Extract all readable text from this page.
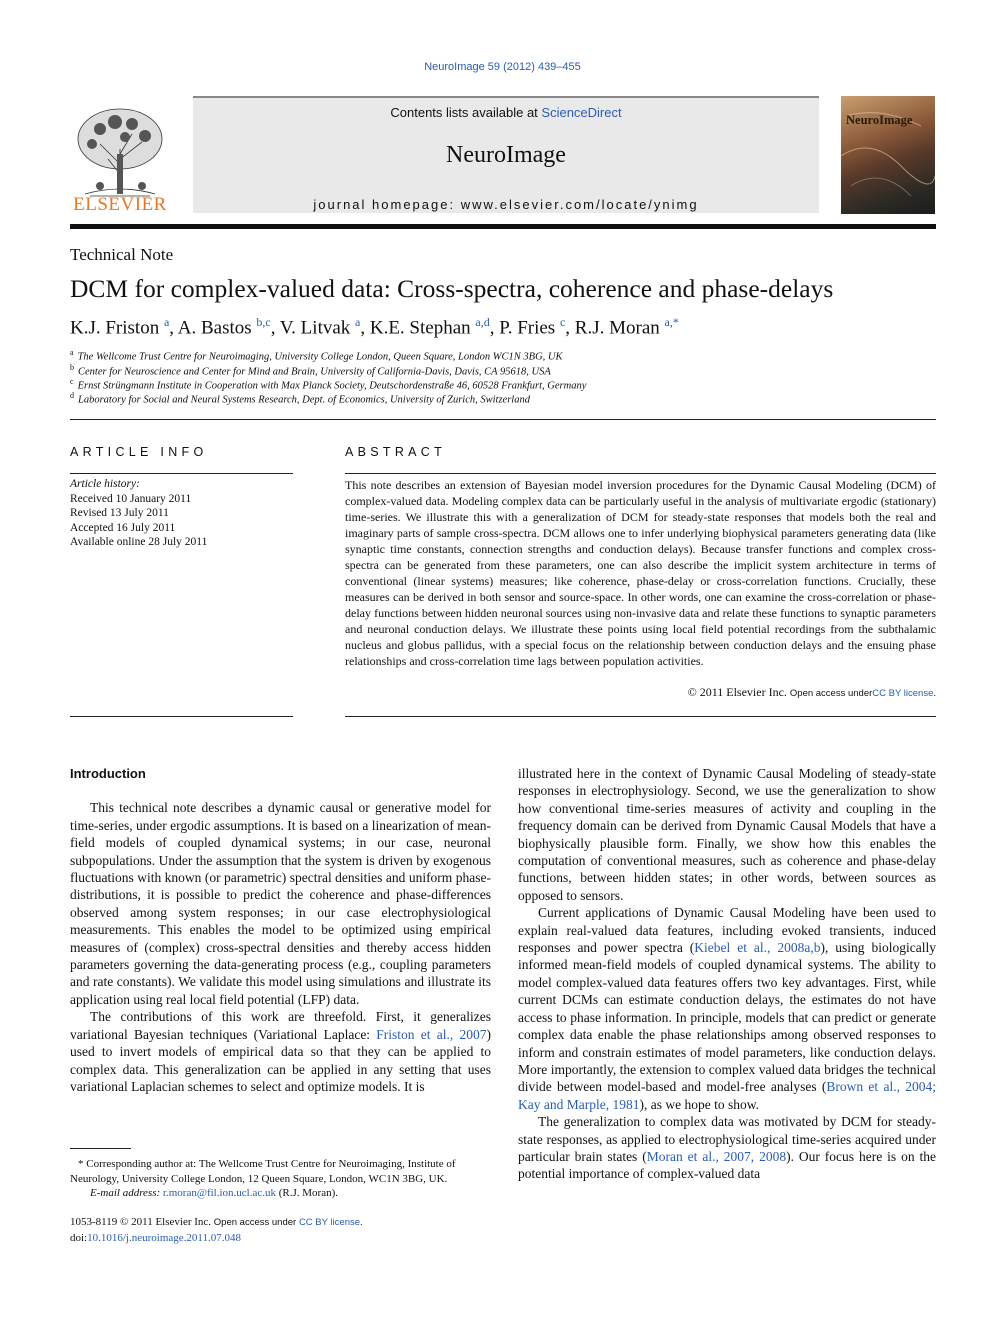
NeuroImage 59 (2012) 439–455
ELSEVIER
Contents lists available at ScienceDirect
NeuroImage
journal homepage: www.elsevier.com/locate/ynimg
NeuroImage
Technical Note
DCM for complex-valued data: Cross-spectra, coherence and phase-delays
K.J. Friston $^a$, A. Bastos $^{b,c}$, V. Litvak $^a$, K.E. Stephan $^{a,d}$, P. Fries $^c$, R.J. Moran $^{a,*}$
$^a$ The Wellcome Trust Centre for Neuroimaging, University College London, Queen Square, London WC1N 3BG, UK
$^b$ Center for Neuroscience and Center for Mind and Brain, University of California-Davis, Davis, CA 95618, USA
$^c$ Ernst Strüngmann Institute in Cooperation with Max Planck Society, Deutschordenstraße 46, 60528 Frankfurt, Germany
$^d$ Laboratory for Social and Neural Systems Research, Dept. of Economics, University of Zurich, Switzerland
ARTICLE INFO
Article history:
Received 10 January 2011
Revised 13 July 2011
Accepted 16 July 2011
Available online 28 July 2011
ABSTRACT
This note describes an extension of Bayesian model inversion procedures for the Dynamic Causal Modeling (DCM) of complex-valued data. Modeling complex data can be particularly useful in the analysis of multivariate ergodic (stationary) time-series. We illustrate this with a generalization of DCM for steady-state responses that models both the real and imaginary parts of sample cross-spectra. DCM allows one to infer underlying biophysical parameters generating data (like synaptic time constants, connection strengths and conduction delays). Because transfer functions and complex cross-spectra can be generated from these parameters, one can also describe the implicit system architecture in terms of conventional (linear systems) measures; like coherence, phase-delay or cross-correlation functions. Crucially, these measures can be derived in both sensor and source-space. In other words, one can examine the cross-correlation or phase-delay functions between hidden neuronal sources using non-invasive data and relate these functions to synaptic parameters and neuronal conduction delays. We illustrate these points using local field potential recordings from the subthalamic nucleus and globus pallidus, with a special focus on the relationship between conduction delays and the ensuing phase relationships and cross-correlation time lags between population activities.
© 2011 Elsevier Inc. Open access underCC BY license.

Introduction

This technical note describes a dynamic causal or generative model for time-series, under ergodic assumptions. It is based on a linearization of mean-field models of coupled dynamical systems; in our case, neuronal subpopulations. Under the assumption that the system is driven by exogenous fluctuations with known (or parametric) spectral densities and uniform phase-distributions, it is possible to predict the coherence and phase-differences observed among system responses; in our case electrophysiological measurements. This enables the model to be optimized using empirical measures of (complex) cross-spectral densities and thereby access hidden parameters governing the data-generating process (e.g., coupling parameters and rate constants). We validate this model using simulations and illustrate its application using real local field potential (LFP) data.

The contributions of this work are threefold. First, it generalizes variational Bayesian techniques (Variational Laplace: Friston et al., 2007) used to invert models of empirical data so that they can be applied to complex data. This generalization can be applied in any setting that uses variational Laplacian schemes to select and optimize models. It is

illustrated here in the context of Dynamic Causal Modeling of steady-state responses in electrophysiology. Second, we use the generalization to show how conventional time-series measures of activity and coupling in the frequency domain can be derived from Dynamic Causal Models that have a biophysically plausible form. Finally, we show how this enables the computation of conventional measures, such as coherence and phase-delay functions, between hidden states; in other words, between sources as opposed to sensors.

Current applications of Dynamic Causal Modeling have been used to explain real-valued data features, including evoked transients, induced responses and power spectra (Kiebel et al., 2008a,b), using biologically informed mean-field models of coupled dynamical systems. The ability to model complex-valued data features offers two key advantages. First, while current DCMs can estimate conduction delays, the estimates do not have access to phase information. In principle, models that can predict or generate complex data enable the phase relationships among observed responses to inform and constrain estimates of model parameters, like conduction delays. More importantly, the extension to complex valued data bridges the technical divide between model-based and model-free analyses (Brown et al., 2004; Kay and Marple, 1981), as we hope to show.

The generalization to complex data was motivated by DCM for steady-state responses, as applied to electrophysiological time-series acquired under particular brain states (Moran et al., 2007, 2008). Our focus here is on the potential importance of complex-valued data

* Corresponding author at: The Wellcome Trust Centre for Neuroimaging, Institute of Neurology, University College London, 12 Queen Square, London, WC1N 3BG, UK.
E-mail address: r.moran@fil.ion.ucl.ac.uk (R.J. Moran).
1053-8119 © 2011 Elsevier Inc. Open access under CC BY license.
doi:10.1016/j.neuroimage.2011.07.048
